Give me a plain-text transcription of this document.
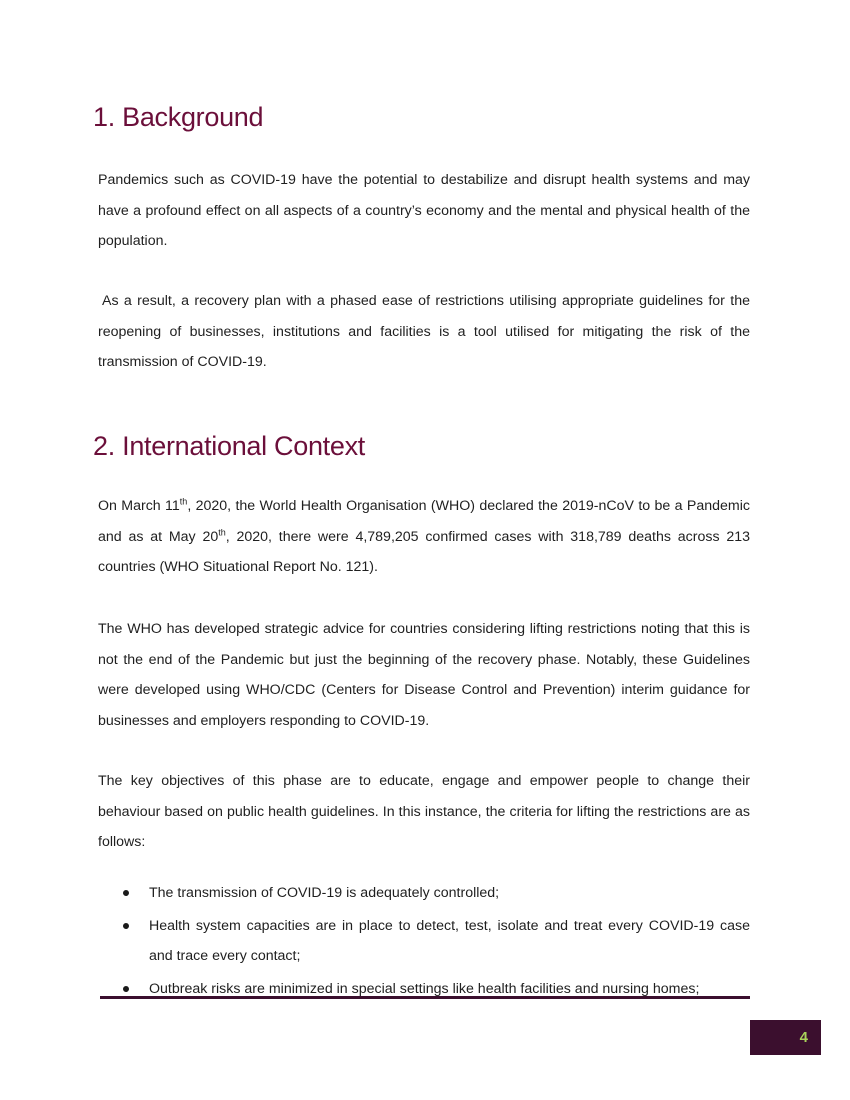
1. Background

Pandemics such as COVID-19 have the potential to destabilize and disrupt health systems and may have a profound effect on all aspects of a country’s economy and the mental and physical health of the population.

As a result, a recovery plan with a phased ease of restrictions utilising appropriate guidelines for the reopening of businesses, institutions and facilities is a tool utilised for mitigating the risk of the transmission of COVID-19.

2. International Context

On March 11th, 2020, the World Health Organisation (WHO) declared the 2019-nCoV to be a Pandemic and as at May 20th, 2020, there were 4,789,205 confirmed cases with 318,789 deaths across 213 countries (WHO Situational Report No. 121).

The WHO has developed strategic advice for countries considering lifting restrictions noting that this is not the end of the Pandemic but just the beginning of the recovery phase. Notably, these Guidelines were developed using WHO/CDC (Centers for Disease Control and Prevention) interim guidance for businesses and employers responding to COVID-19.

The key objectives of this phase are to educate, engage and empower people to change their behaviour based on public health guidelines. In this instance, the criteria for lifting the restrictions are as follows:

The transmission of COVID-19 is adequately controlled;
Health system capacities are in place to detect, test, isolate and treat every COVID-19 case and trace every contact;
Outbreak risks are minimized in special settings like health facilities and nursing homes;
4
